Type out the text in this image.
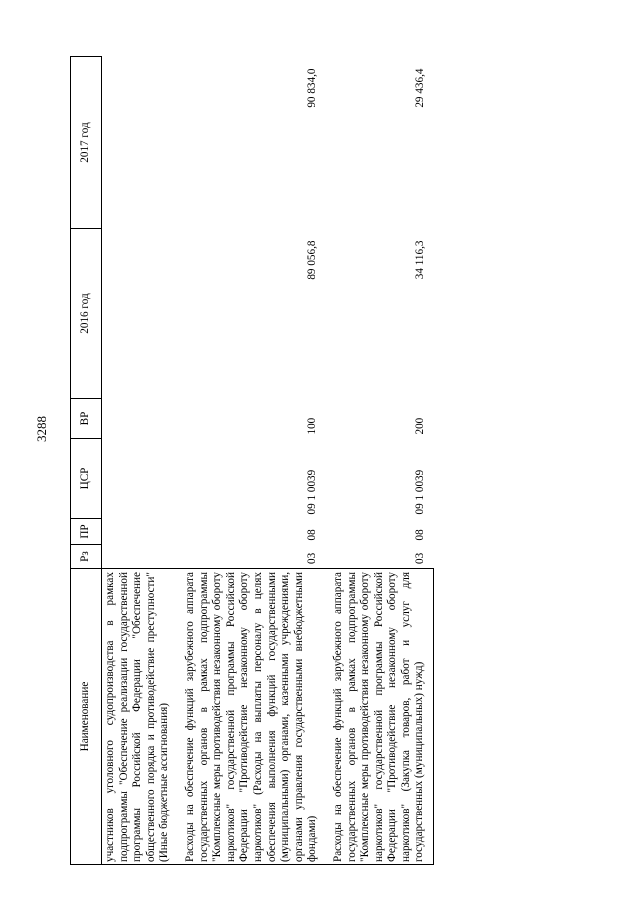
3288
Наименование	Рз	ПР	ЦСР	ВР	2016 год	2017 год
участников уголовного судопроизводства в рамках подпрограммы "Обеспечение реализации государственной программы Российской Федерации "Обеспечение общественного порядка и противодействие преступности" (Иные бюджетные ассигнования)						
Расходы на обеспечение функций зарубежного аппарата государственных органов в рамках подпрограммы "Комплексные меры противодействия незаконному обороту наркотиков" государственной программы Российской Федерации "Противодействие незаконному обороту наркотиков" (Расходы на выплаты персоналу в целях обеспечения выполнения функций государственными (муниципальными) органами, казенными учреждениями, органами управления государственными внебюджетными фондами)	03	08	09 1 0039	100	89 056,8	90 834,0
Расходы на обеспечение функций зарубежного аппарата государственных органов в рамках подпрограммы "Комплексные меры противодействия незаконному обороту наркотиков" государственной программы Российской Федерации "Противодействие незаконному обороту наркотиков" (Закупка товаров, работ и услуг для государственных (муниципальных) нужд)	03	08	09 1 0039	200	34 116,3	29 436,4
